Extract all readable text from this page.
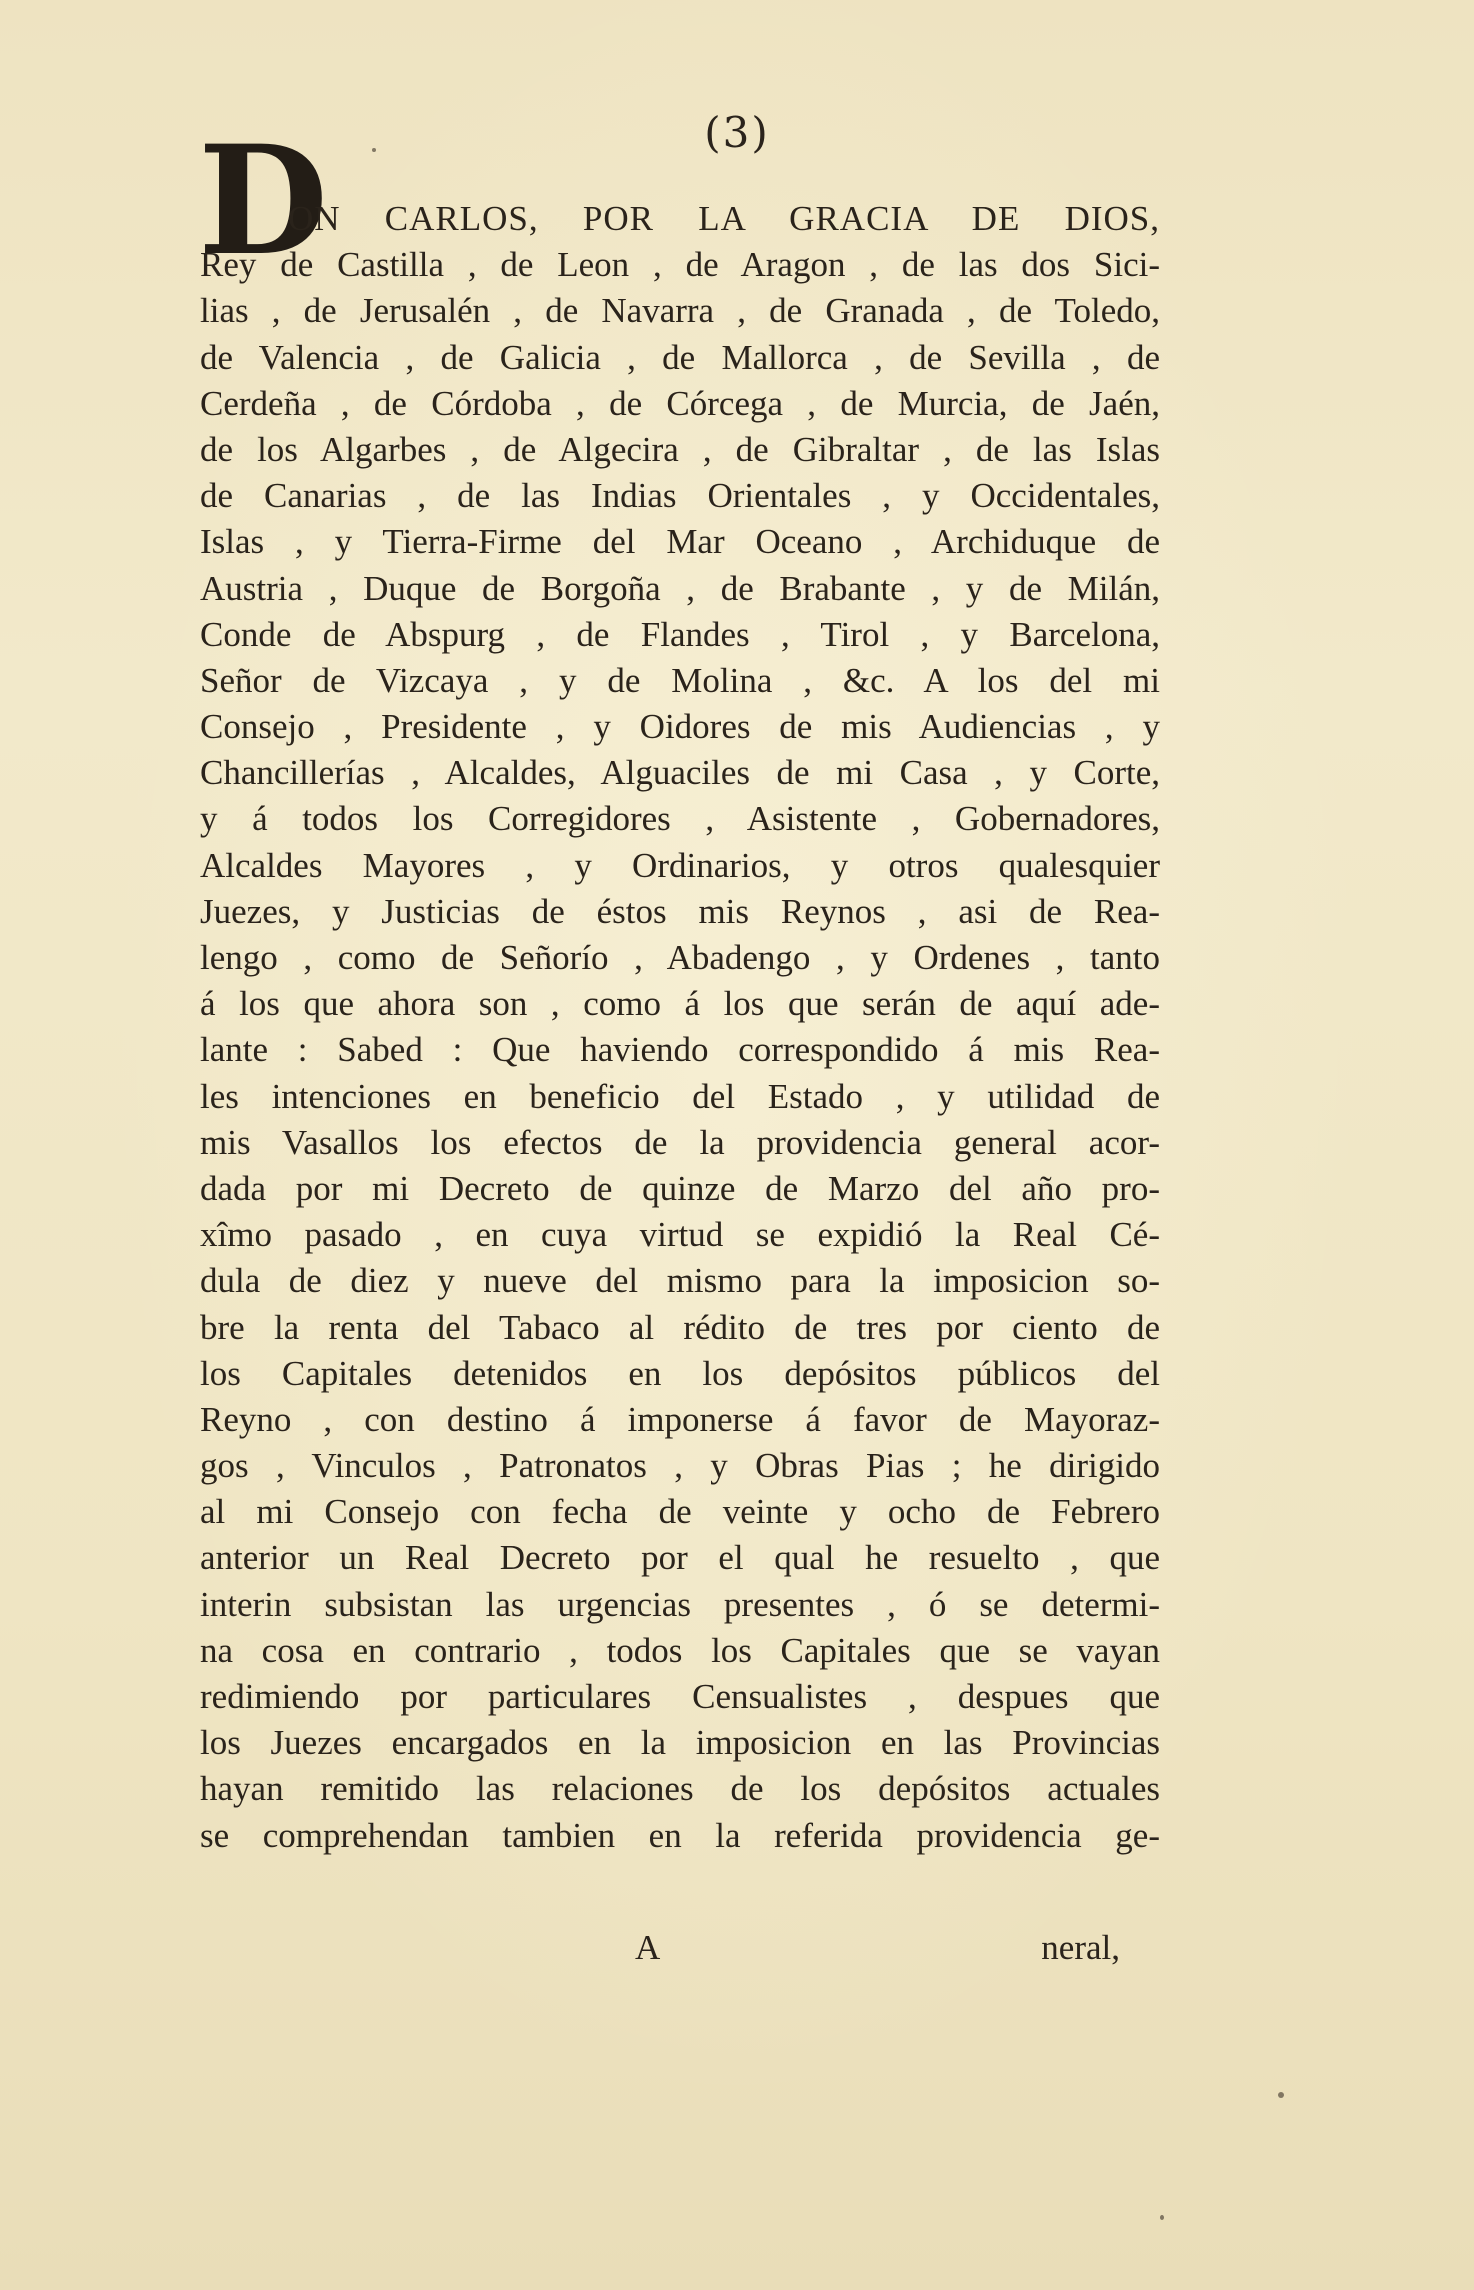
(3)
D
ON CARLOS, POR LA GRACIA DE DIOS,
Rey de Castilla , de Leon , de Aragon , de las dos Sici-
lias , de Jerusalén , de Navarra , de Granada , de Toledo,
de Valencia , de Galicia , de Mallorca , de Sevilla , de
Cerdeña , de Córdoba , de Córcega , de Murcia, de Jaén,
de los Algarbes , de Algecira , de Gibraltar , de las Islas
de Canarias , de las Indias Orientales , y Occidentales,
Islas , y Tierra-Firme del Mar Oceano , Archiduque de
Austria , Duque de Borgoña , de Brabante , y de Milán,
Conde de Abspurg , de Flandes , Tirol , y Barcelona,
Señor de Vizcaya , y de Molina , &c. A los del mi
Consejo , Presidente , y Oidores de mis Audiencias , y
Chancillerías , Alcaldes, Alguaciles de mi Casa , y Corte,
y á todos los Corregidores , Asistente , Gobernadores,
Alcaldes Mayores , y Ordinarios, y otros qualesquier
Juezes, y Justicias de éstos mis Reynos , asi de Rea-
lengo , como de Señorío , Abadengo , y Ordenes , tanto
á los que ahora son , como á los que serán de aquí ade-
lante : Sabed : Que haviendo correspondido á mis Rea-
les intenciones en beneficio del Estado , y utilidad de
mis Vasallos los efectos de la providencia general acor-
dada por mi Decreto de quinze de Marzo del año pro-
xîmo pasado , en cuya virtud se expidió la Real Cé-
dula de diez y nueve del mismo para la imposicion so-
bre la renta del Tabaco al rédito de tres por ciento de
los Capitales detenidos en los depósitos públicos del
Reyno , con destino á imponerse á favor de Mayoraz-
gos , Vinculos , Patronatos , y Obras Pias ; he dirigido
al mi Consejo con fecha de veinte y ocho de Febrero
anterior un Real Decreto por el qual he resuelto , que
interin subsistan las urgencias presentes , ó se determi-
na cosa en contrario , todos los Capitales que se vayan
redimiendo por particulares Censualistes , despues que
los Juezes encargados en la imposicion en las Provincias
hayan remitido las relaciones de los depósitos actuales
se comprehendan tambien en la referida providencia ge-
A	neral,
